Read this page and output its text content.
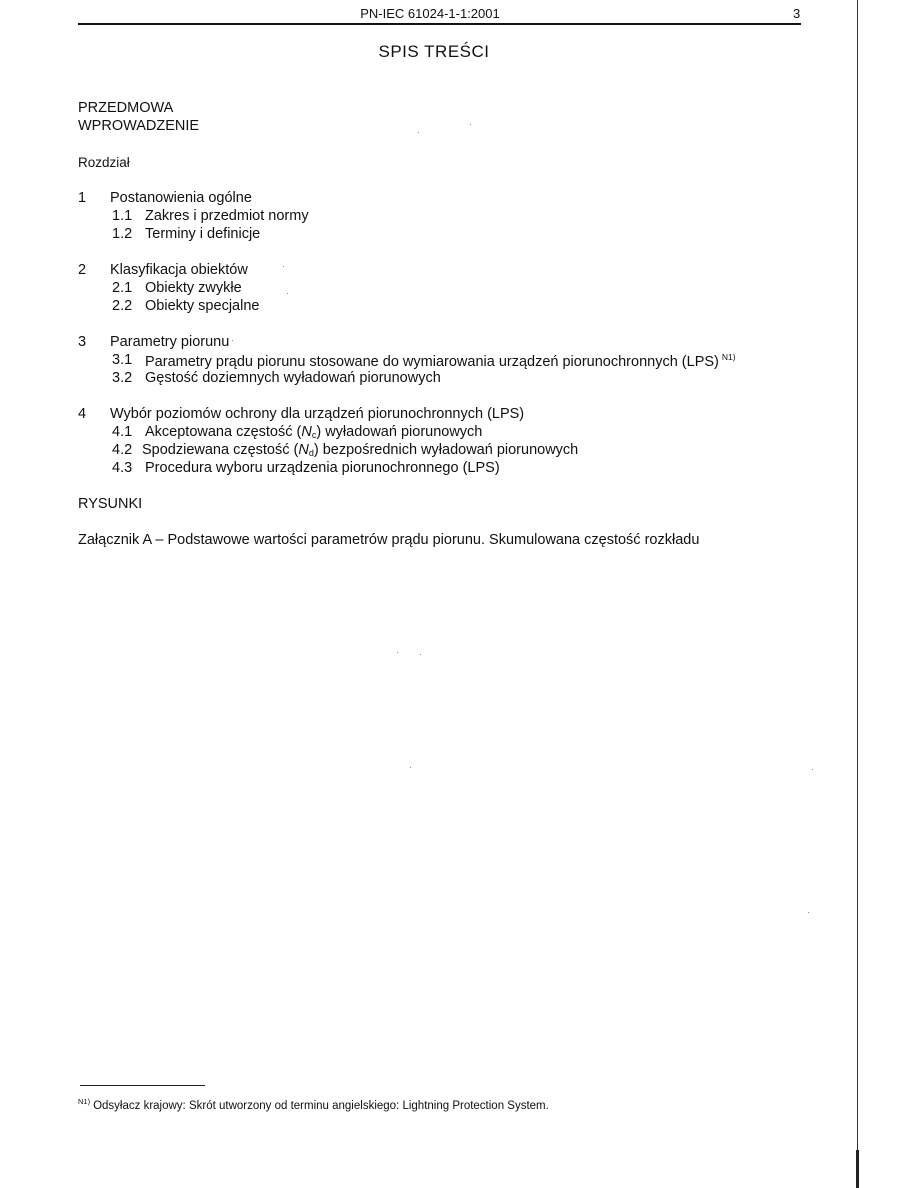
PN-IEC 61024-1-1:2001	3
SPIS TREŚCI
PRZEDMOWA
WPROWADZENIE
Rozdział
1 Postanowienia ogólne
1.1 Zakres i przedmiot normy
1.2 Terminy i definicje
2 Klasyfikacja obiektów
2.1 Obiekty zwykłe
2.2 Obiekty specjalne
3 Parametry piorunu
3.1 Parametry prądu piorunu stosowane do wymiarowania urządzeń piorunochronnych (LPS) $^{N1)}$
3.2 Gęstość doziemnych wyładowań piorunowych
4 Wybór poziomów ochrony dla urządzeń piorunochronnych (LPS)
4.1 Akceptowana częstość $(N_c)$ wyładowań piorunowych
4.2 Spodziewana częstość $(N_d)$ bezpośrednich wyładowań piorunowych
4.3 Procedura wyboru urządzenia piorunochronnego (LPS)
RYSUNKI
Załącznik A – Podstawowe wartości parametrów prądu piorunu. Skumulowana częstość rozkładu
$^{N1)}$ Odsyłacz krajowy: Skrót utworzony od terminu angielskiego: Lightning Protection System.
